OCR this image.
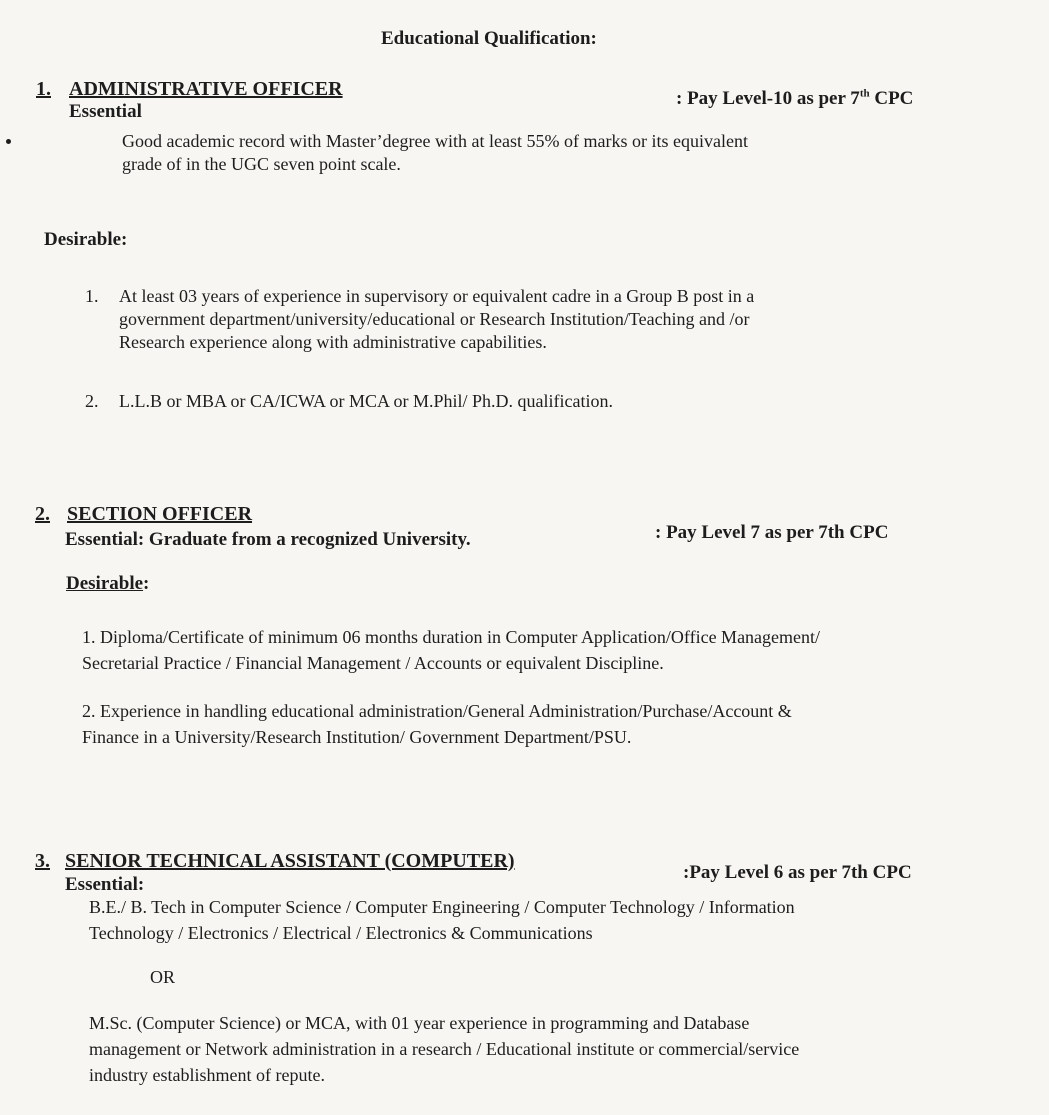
Educational Qualification:
1. ADMINISTRATIVE OFFICER	: Pay Level-10 as per 7th CPC
Essential
Good academic record with Master’degree with at least 55% of marks or its equivalent
grade of in the UGC seven point scale.
Desirable:
1. At least 03 years of experience in supervisory or equivalent cadre in a Group B post in a
government department/university/educational or Research Institution/Teaching and /or
Research experience along with administrative capabilities.
2. L.L.B or MBA or CA/ICWA or MCA or M.Phil/ Ph.D. qualification.
2. SECTION OFFICER
: Pay Level 7 as per 7th CPC
Essential: Graduate from a recognized University.
Desirable:
1. Diploma/Certificate of minimum 06 months duration in Computer Application/Office Management/
Secretarial Practice / Financial Management / Accounts or equivalent Discipline.
2. Experience in handling educational administration/General Administration/Purchase/Account &
Finance in a University/Research Institution/ Government Department/PSU.
3. SENIOR TECHNICAL ASSISTANT (COMPUTER)
:Pay Level 6 as per 7th CPC
Essential:
B.E./ B. Tech in Computer Science / Computer Engineering / Computer Technology / Information
Technology / Electronics / Electrical / Electronics & Communications
OR
M.Sc. (Computer Science) or MCA, with 01 year experience in programming and Database
management or Network administration in a research / Educational institute or commercial/service
industry establishment of repute.
